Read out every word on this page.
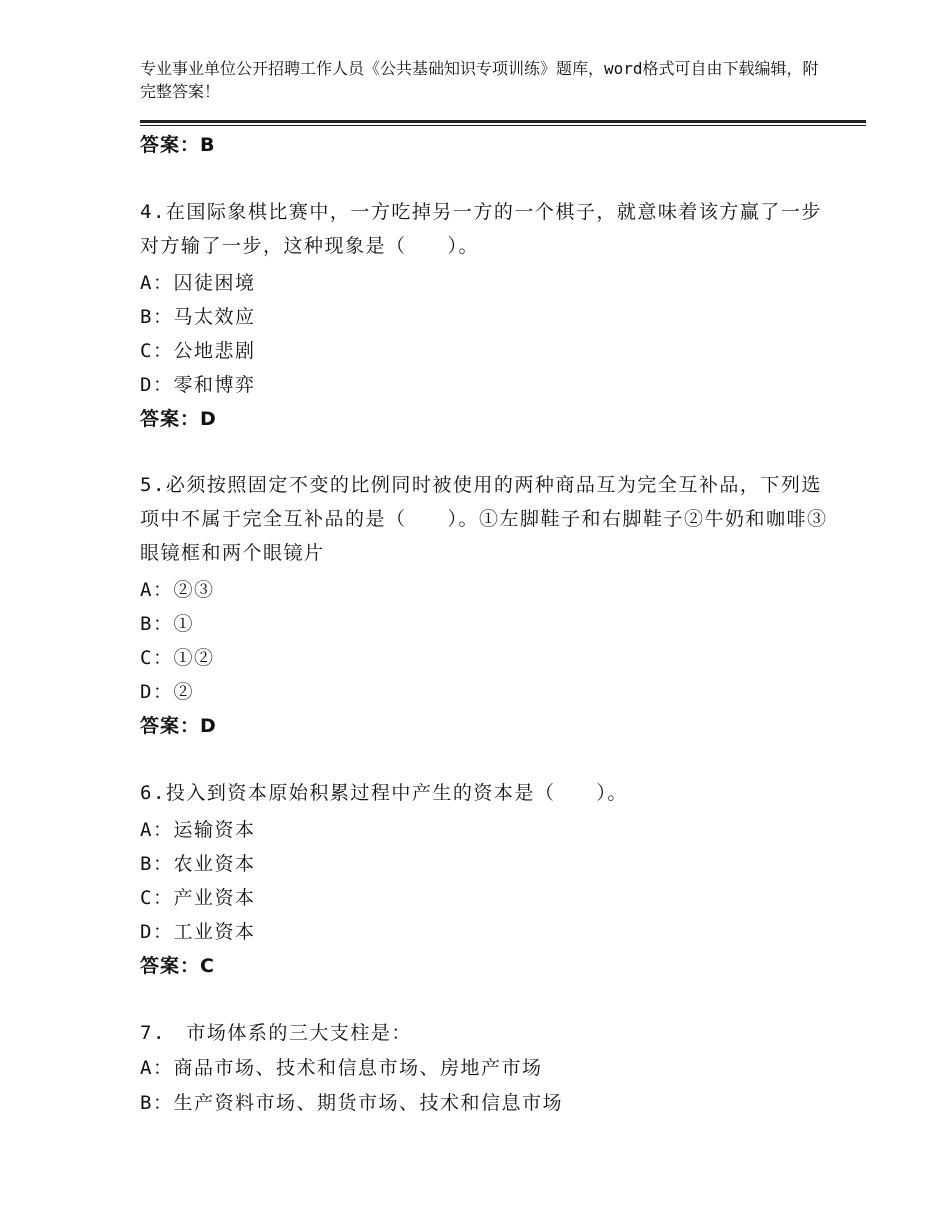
专业事业单位公开招聘工作人员《公共基础知识专项训练》题库，word格式可自由下载编辑，附完整答案！
答案：B
4.在国际象棋比赛中，一方吃掉另一方的一个棋子，就意味着该方赢了一步对方输了一步，这种现象是（　　）。
A：囚徒困境
B：马太效应
C：公地悲剧
D：零和博弈
答案：D
5.必须按照固定不变的比例同时被使用的两种商品互为完全互补品，下列选项中不属于完全互补品的是（　　）。①左脚鞋子和右脚鞋子②牛奶和咖啡③眼镜框和两个眼镜片
A：②③
B：①
C：①②
D：②
答案：D
6.投入到资本原始积累过程中产生的资本是（　　）。
A：运输资本
B：农业资本
C：产业资本
D：工业资本
答案：C
7.　市场体系的三大支柱是：
A：商品市场、技术和信息市场、房地产市场
B：生产资料市场、期货市场、技术和信息市场
